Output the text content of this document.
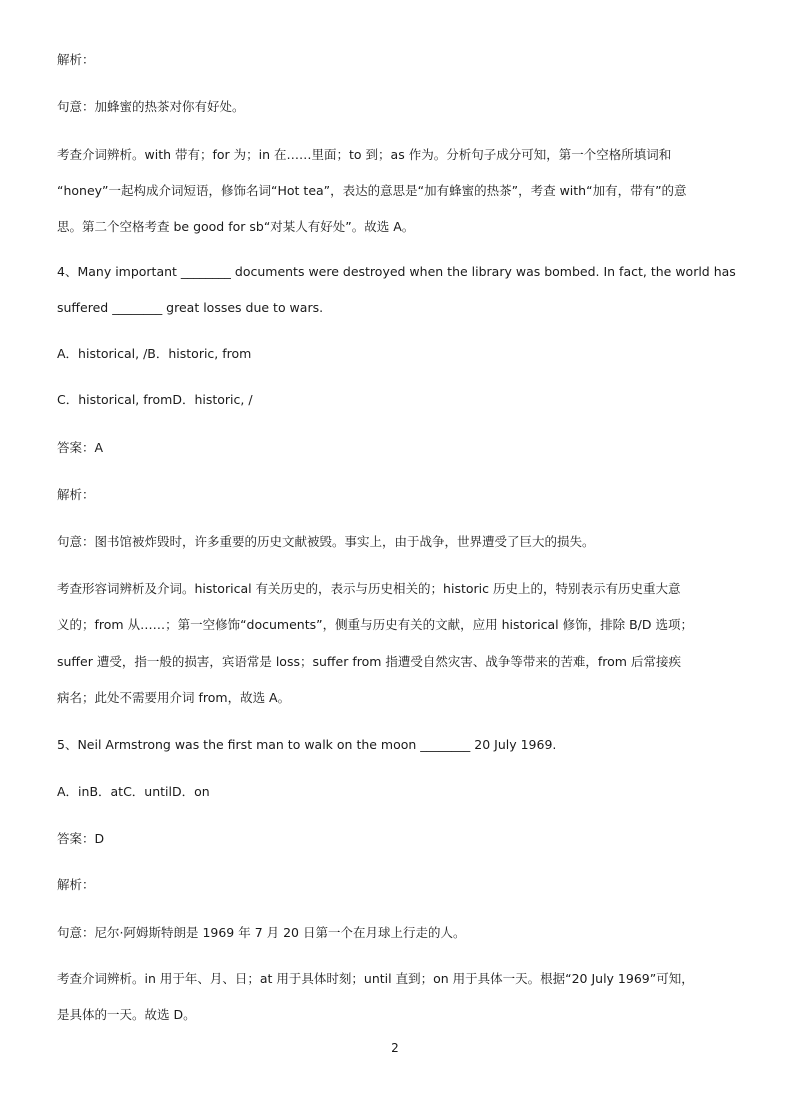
解析：
句意：加蜂蜜的热茶对你有好处。
考查介词辨析。with 带有；for 为；in 在……里面；to 到；as 作为。分析句子成分可知，第一个空格所填词和
“honey”一起构成介词短语，修饰名词“Hot tea”，表达的意思是“加有蜂蜜的热茶”，考查 with“加有，带有”的意
思。第二个空格考查 be good for sb“对某人有好处”。故选 A。
4、Many important ________ documents were destroyed when the library was bombed. In fact, the world has
suffered ________ great losses due to wars.
A．historical, /B．historic, from
C．historical, fromD．historic, /
答案：A
解析：
句意：图书馆被炸毁时，许多重要的历史文献被毁。事实上，由于战争，世界遭受了巨大的损失。
考查形容词辨析及介词。historical 有关历史的，表示与历史相关的；historic 历史上的，特别表示有历史重大意
义的；from 从……；第一空修饰“documents”，侧重与历史有关的文献，应用 historical 修饰，排除 B/D 选项；
suffer 遭受，指一般的损害，宾语常是 loss；suffer from 指遭受自然灾害、战争等带来的苦难，from 后常接疾
病名；此处不需要用介词 from，故选 A。
5、Neil Armstrong was the first man to walk on the moon ________ 20 July 1969.
A．inB．atC．untilD．on
答案：D
解析：
句意：尼尔·阿姆斯特朗是 1969 年 7 月 20 日第一个在月球上行走的人。
考查介词辨析。in 用于年、月、日；at 用于具体时刻；until 直到；on 用于具体一天。根据“20 July 1969”可知，
是具体的一天。故选 D。
2
